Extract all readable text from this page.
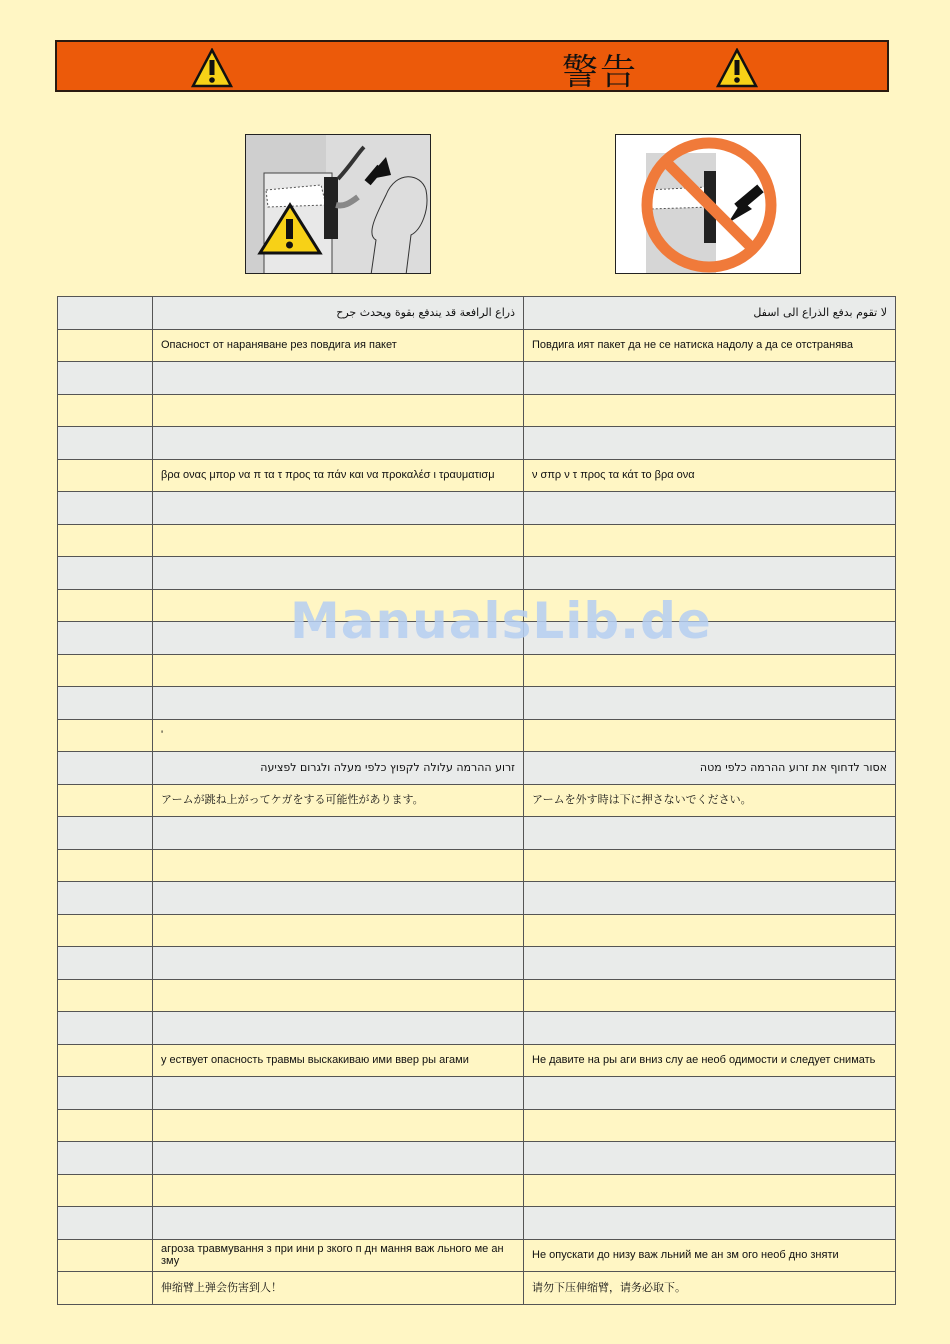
警告
	ذراع الرافعة قد يندفع بقوة ويحدث جرح	لا تقوم بدفع الذراع الى اسفل
	Опасност от нараняване рез повдига ия пакет	Повдига ият пакет да не се натиска надолу а да се отстранява

	βρα ονας μπορ να π τα τ προς τα πάν και να προκαλέσ ι τραυματισμ	ν σπρ ν τ προς τα κάτ το βρα ονα

	'	
	זרוע ההרמה עלולה לקפוץ כלפי מעלה ולגרום לפציעה	אסור לדחוף את זרוע ההרמה כלפי מטה
	アームが跳ね上がってケガをする可能性があります。	アームを外す時は下に押さないでください。

	у ествует опасность травмы выскакиваю ими ввер ры агами	Не давите на ры аги вниз слу ае необ одимости и следует снимать

	агроза травмування з при ини р зкого п дн мання важ льного ме ан зму	Не опускати до низу важ льний ме ан зм ого необ дно зняти
	伸缩臂上弹会伤害到人！	请勿下压伸缩臂，请务必取下。
ManualsLib.de
